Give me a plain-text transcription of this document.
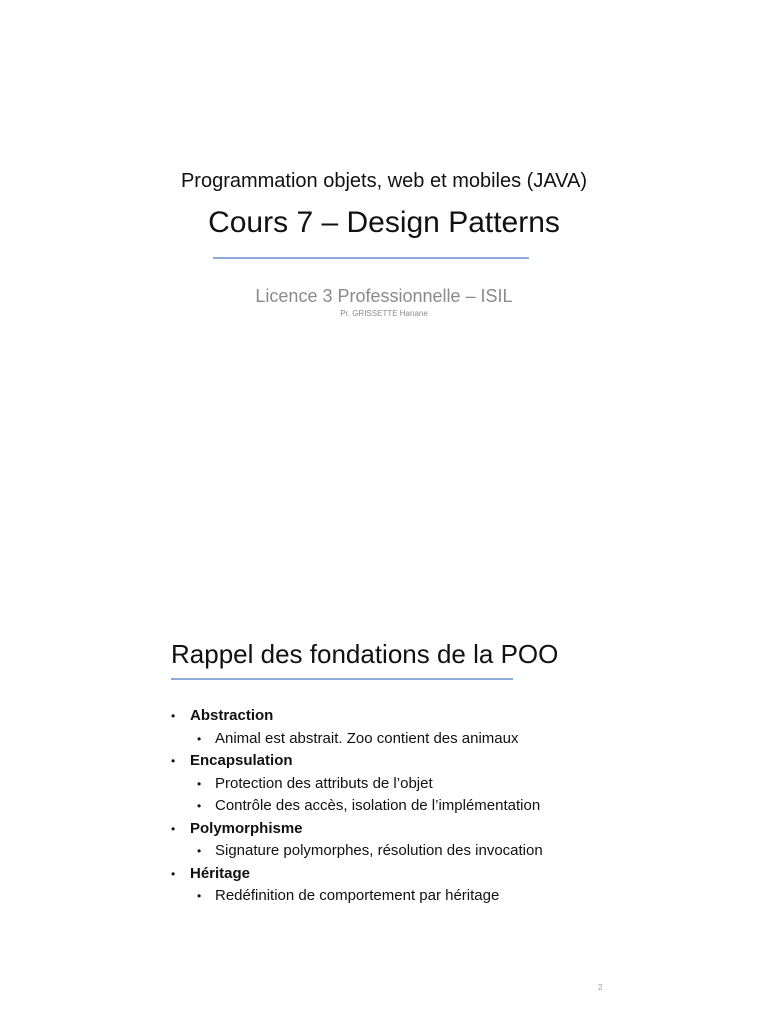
Programmation objets, web et mobiles (JAVA)
Cours 7 – Design Patterns
Licence 3 Professionnelle – ISIL
Pr. GRISSETTE Hanane
Rappel des fondations de la POO
• Abstraction
• Animal est abstrait. Zoo contient des animaux
• Encapsulation
• Protection des attributs de l’objet
• Contrôle des accès, isolation de l’implémentation
• Polymorphisme
• Signature polymorphes, résolution des invocation
• Héritage
• Redéfinition de comportement par héritage
2
